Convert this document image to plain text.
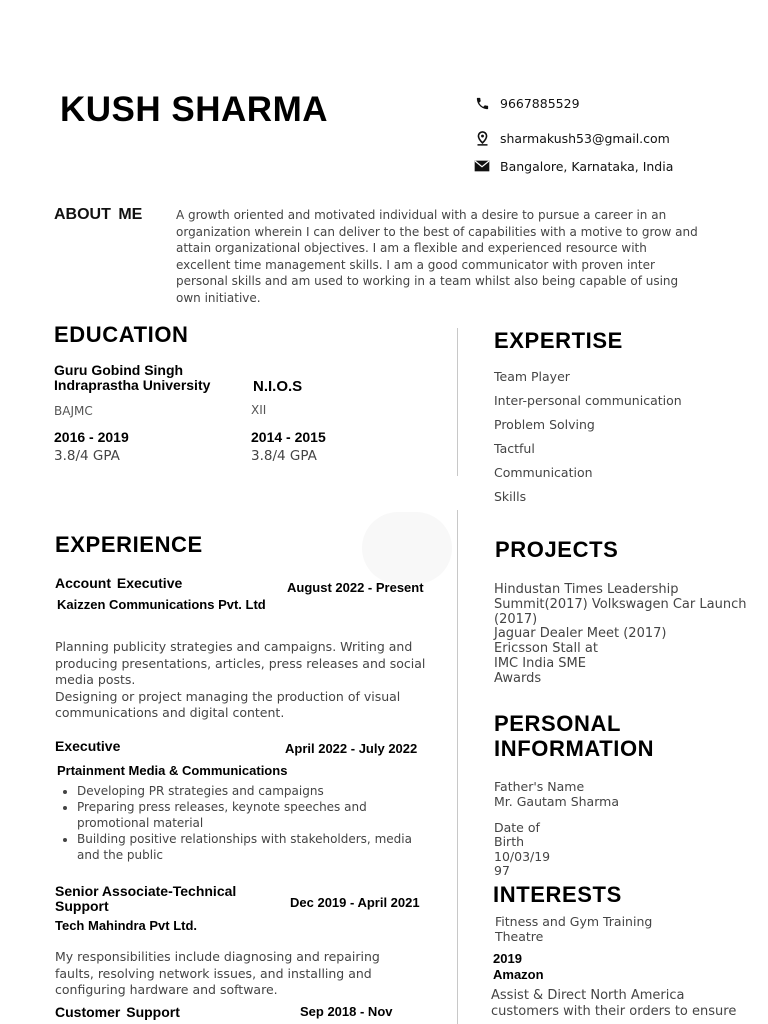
KUSH SHARMA	9667885529
sharmakush53@gmail.com
Bangalore, Karnataka, India
ABOUT ME	A growth oriented and motivated individual with a desire to pursue a career in an organization wherein I can deliver to the best of capabilities with a motive to grow and attain organizational objectives. I am a flexible and experienced resource with excellent time management skills. I am a good communicator with proven inter personal skills and am used to working in a team whilst also being capable of using own initiative.
EDUCATION
Guru Gobind Singh
Indraprastha University
BAJMC
2016 - 2019
3.8/4 GPA
N.I.O.S
XII
2014 - 2015
3.8/4 GPA
EXPERTISE
Team Player
Inter-personal communication
Problem Solving
Tactful
Communication
Skills
EXPERIENCE
Account Executive	August 2022 - Present
Kaizzen Communications Pvt. Ltd
Planning publicity strategies and campaigns. Writing and
producing presentations, articles, press releases and social
media posts.
Designing or project managing the production of visual
communications and digital content.
Executive	April 2022 - July 2022
Prtainment Media & Communications
• Developing PR strategies and campaigns
• Preparing press releases, keynote speeches and promotional material
• Building positive relationships with stakeholders, media and the public
Senior Associate-Technical
Support	Dec 2019 - April 2021
Tech Mahindra Pvt Ltd.
My responsibilities include diagnosing and repairing
faults, resolving network issues, and installing and
configuring hardware and software.
Customer Support	Sep 2018 - Nov
PROJECTS
Hindustan Times Leadership
Summit(2017) Volkswagen Car Launch
(2017)
Jaguar Dealer Meet (2017)
Ericsson Stall at
IMC India SME
Awards
PERSONAL
INFORMATION
Father's Name
Mr. Gautam Sharma
Date of
Birth
10/03/19
97
INTERESTS
Fitness and Gym Training
Theatre
2019
Amazon
Assist & Direct North America
customers with their orders to ensure
